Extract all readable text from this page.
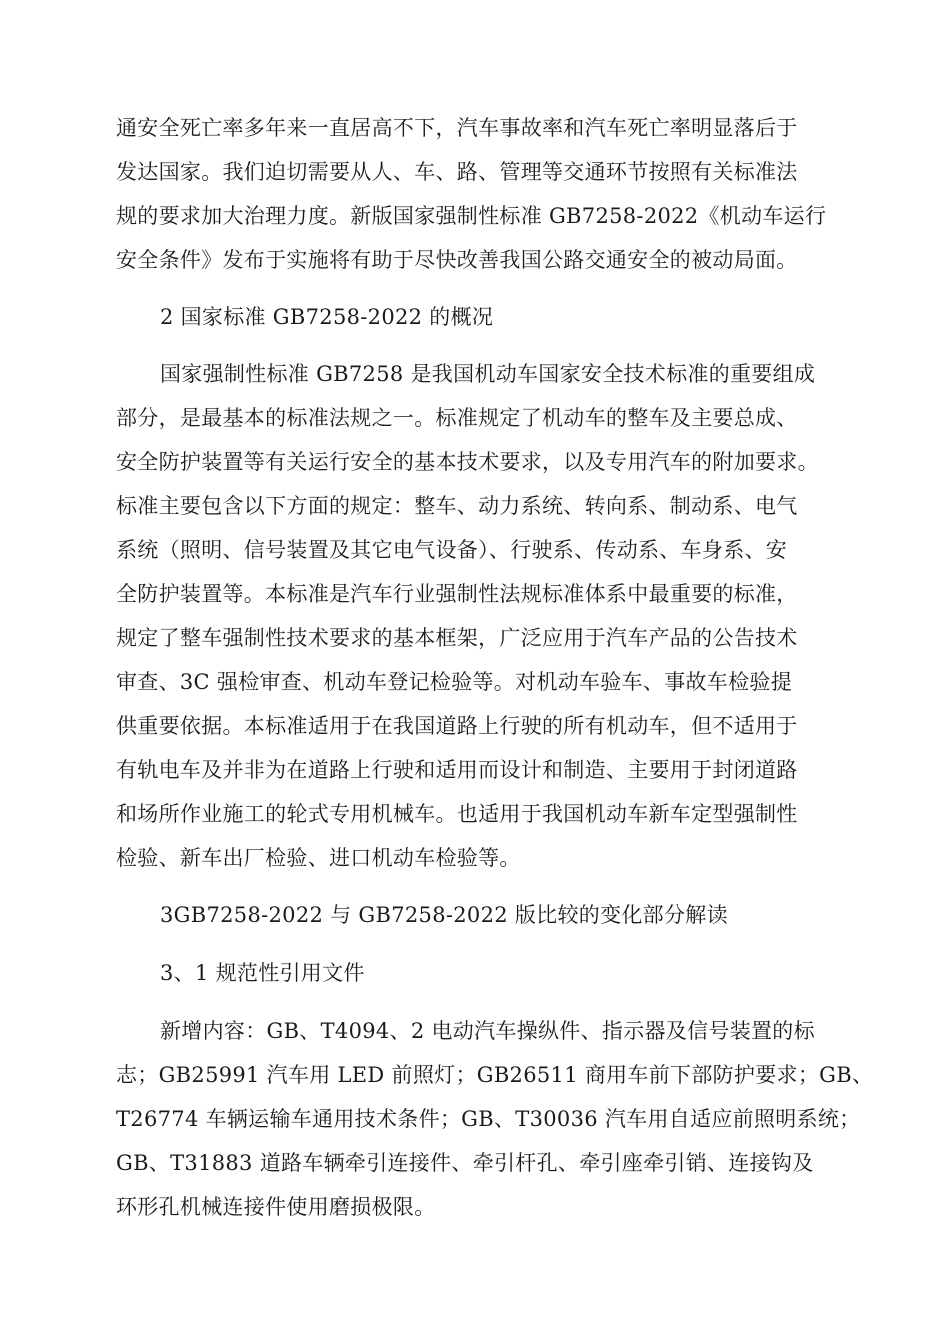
通安全死亡率多年来一直居高不下，汽车事故率和汽车死亡率明显落后于
发达国家。我们迫切需要从人、车、路、管理等交通环节按照有关标准法
规的要求加大治理力度。新版国家强制性标准 GB7258-2022《机动车运行
安全条件》发布于实施将有助于尽快改善我国公路交通安全的被动局面。
2 国家标准 GB7258-2022 的概况
国家强制性标准 GB7258 是我国机动车国家安全技术标准的重要组成
部分，是最基本的标准法规之一。标准规定了机动车的整车及主要总成、
安全防护装置等有关运行安全的基本技术要求，以及专用汽车的附加要求。
标准主要包含以下方面的规定：整车、动力系统、转向系、制动系、电气
系统（照明、信号装置及其它电气设备）、行驶系、传动系、车身系、安
全防护装置等。本标准是汽车行业强制性法规标准体系中最重要的标准，
规定了整车强制性技术要求的基本框架，广泛应用于汽车产品的公告技术
审查、3C 强检审查、机动车登记检验等。对机动车验车、事故车检验提
供重要依据。本标准适用于在我国道路上行驶的所有机动车，但不适用于
有轨电车及并非为在道路上行驶和适用而设计和制造、主要用于封闭道路
和场所作业施工的轮式专用机械车。也适用于我国机动车新车定型强制性
检验、新车出厂检验、进口机动车检验等。
3GB7258-2022 与 GB7258-2022 版比较的变化部分解读
3、1 规范性引用文件
新增内容：GB、T4094、2 电动汽车操纵件、指示器及信号装置的标
志；GB25991 汽车用 LED 前照灯；GB26511 商用车前下部防护要求；GB、
T26774 车辆运输车通用技术条件；GB、T30036 汽车用自适应前照明系统；
GB、T31883 道路车辆牵引连接件、牵引杆孔、牵引座牵引销、连接钩及
环形孔机械连接件使用磨损极限。
